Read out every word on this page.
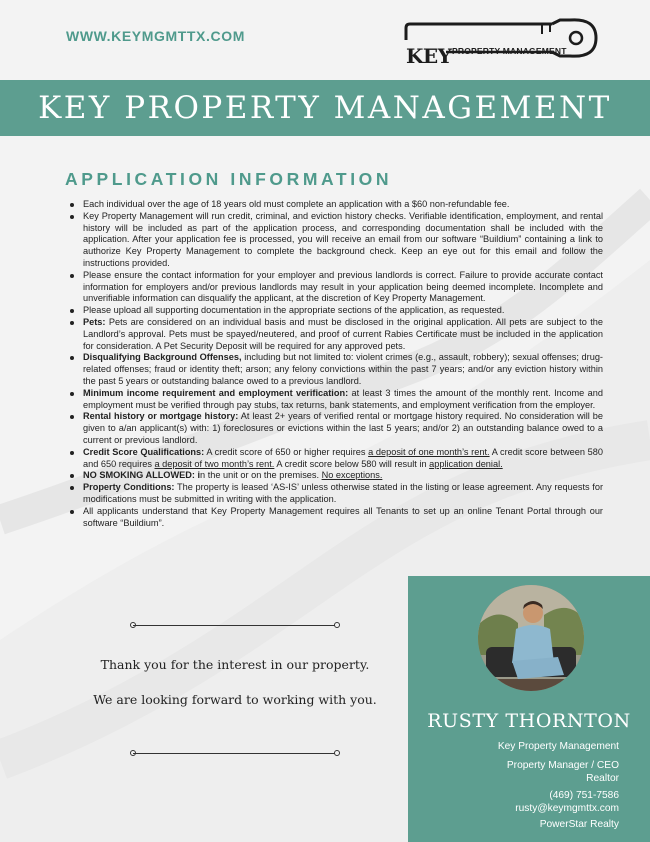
WWW.KEYMGMTTX.COM
KEY PROPERTY MANAGEMENT
KEY PROPERTY MANAGEMENT
APPLICATION INFORMATION
Each individual over the age of 18 years old must complete an application with a $60 non-refundable fee.
Key Property Management will run credit, criminal, and eviction history checks. Verifiable identification, employment, and rental history will be included as part of the application process, and corresponding documentation shall be included with the application. After your application fee is processed, you will receive an email from our software “Buildium” containing a link to authorize Key Property Management to complete the background check. Keep an eye out for this email and follow the instructions provided.
Please ensure the contact information for your employer and previous landlords is correct. Failure to provide accurate contact information for employers and/or previous landlords may result in your application being deemed incomplete. Incomplete and unverifiable information can disqualify the applicant, at the discretion of Key Property Management.
Please upload all supporting documentation in the appropriate sections of the application, as requested.
Pets: Pets are considered on an individual basis and must be disclosed in the original application. All pets are subject to the Landlord’s approval. Pets must be spayed/neutered, and proof of current Rabies Certificate must be included in the application for consideration. A Pet Security Deposit will be required for any approved pets.
Disqualifying Background Offenses, including but not limited to: violent crimes (e.g., assault, robbery); sexual offenses; drug-related offenses; fraud or identity theft; arson; any felony convictions within the past 7 years; and/or any eviction history within the past 5 years or outstanding balance owed to a previous landlord.
Minimum income requirement and employment verification: at least 3 times the amount of the monthly rent. Income and employment must be verified through pay stubs, tax returns, bank statements, and employment verification from the employer.
Rental history or mortgage history: At least 2+ years of verified rental or mortgage history required. No consideration will be given to a/an applicant(s) with: 1) foreclosures or evictions within the last 5 years; and/or 2) an outstanding balance owed to a current or previous landlord.
Credit Score Qualifications: A credit score of 650 or higher requires a deposit of one month’s rent. A credit score between 580 and 650 requires a deposit of two month’s rent. A credit score below 580 will result in application denial.
NO SMOKING ALLOWED: in the unit or on the premises. No exceptions.
Property Conditions: The property is leased ‘AS-IS’ unless otherwise stated in the listing or lease agreement. Any requests for modifications must be submitted in writing with the application.
All applicants understand that Key Property Management requires all Tenants to set up an online Tenant Portal through our software “Buildium”.
Thank you for the interest in our property.
We are looking forward to working with you.
RUSTY THORNTON
Key Property Management
Property Manager / CEO
Realtor
(469) 751-7586
rusty@keymgmttx.com
PowerStar Realty
